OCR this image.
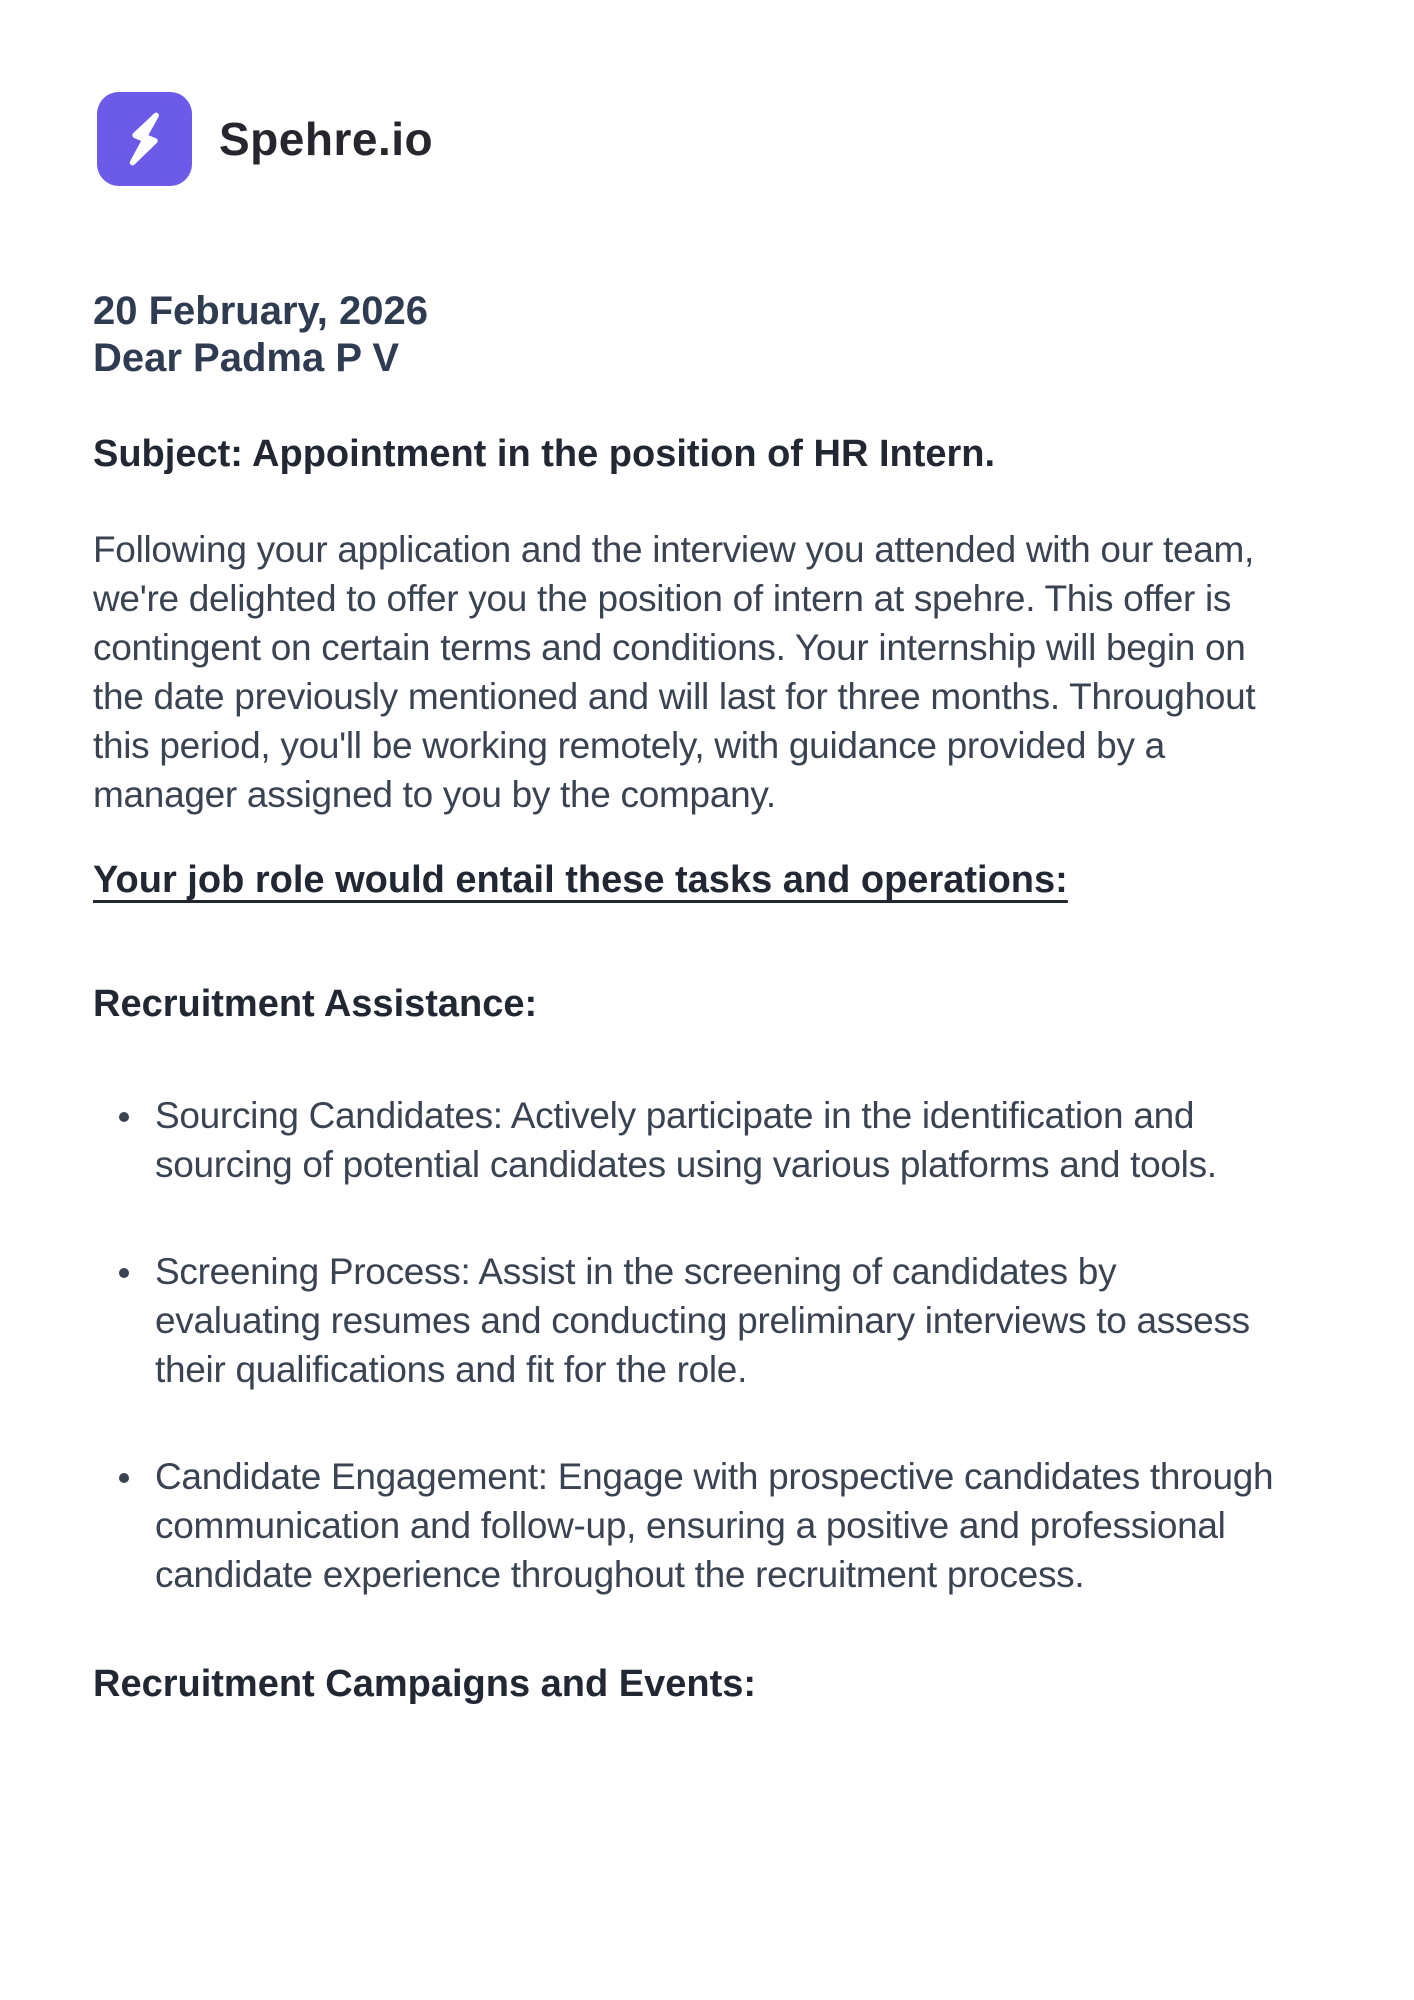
Spehre.io
20 February, 2026
Dear Padma P V
Subject: Appointment in the position of HR Intern.

Following your application and the interview you attended with our team, we're delighted to offer you the position of intern at spehre. This offer is contingent on certain terms and conditions. Your internship will begin on the date previously mentioned and will last for three months. Throughout this period, you'll be working remotely, with guidance provided by a manager assigned to you by the company.

Your job role would entail these tasks and operations:
Recruitment Assistance:
Sourcing Candidates: Actively participate in the identification and sourcing of potential candidates using various platforms and tools.
Screening Process: Assist in the screening of candidates by evaluating resumes and conducting preliminary interviews to assess their qualifications and fit for the role.
Candidate Engagement: Engage with prospective candidates through communication and follow-up, ensuring a positive and professional candidate experience throughout the recruitment process.
Recruitment Campaigns and Events:
